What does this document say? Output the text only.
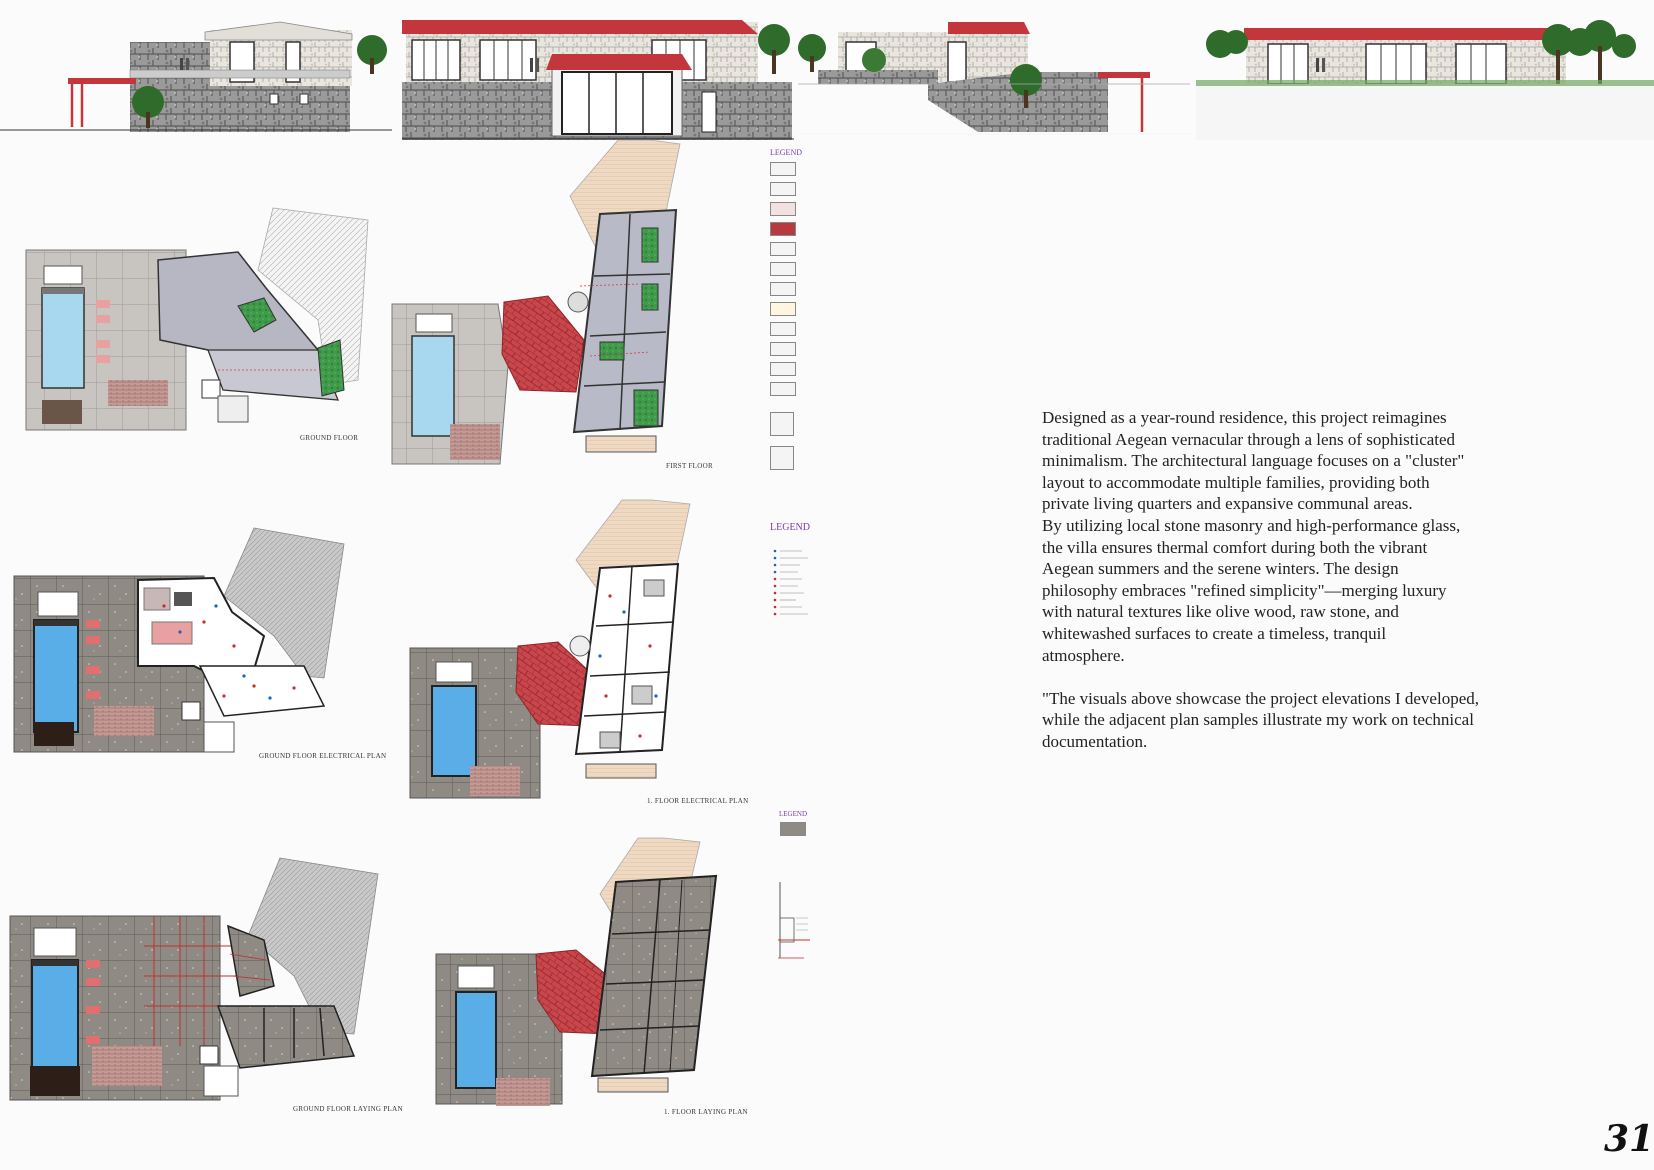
GROUND FLOOR
FIRST FLOOR
LEGEND
GROUND FLOOR ELECTRICAL PLAN
1. FLOOR ELECTRICAL PLAN
LEGEND
GROUND FLOOR LAYING PLAN	1. FLOOR LAYING PLAN
LEGEND

Designed as a year-round residence, this project reimagines
traditional Aegean vernacular through a lens of sophisticated
minimalism. The architectural language focuses on a "cluster"
layout to accommodate multiple families, providing both
private living quarters and expansive communal areas.
By utilizing local stone masonry and high-performance glass,
the villa ensures thermal comfort during both the vibrant
Aegean summers and the serene winters. The design
philosophy embraces "refined simplicity"—merging luxury
with natural textures like olive wood, raw stone, and
whitewashed surfaces to create a timeless, tranquil
atmosphere.

"The visuals above showcase the project elevations I developed,
while the adjacent plan samples illustrate my work on technical
documentation.

31
